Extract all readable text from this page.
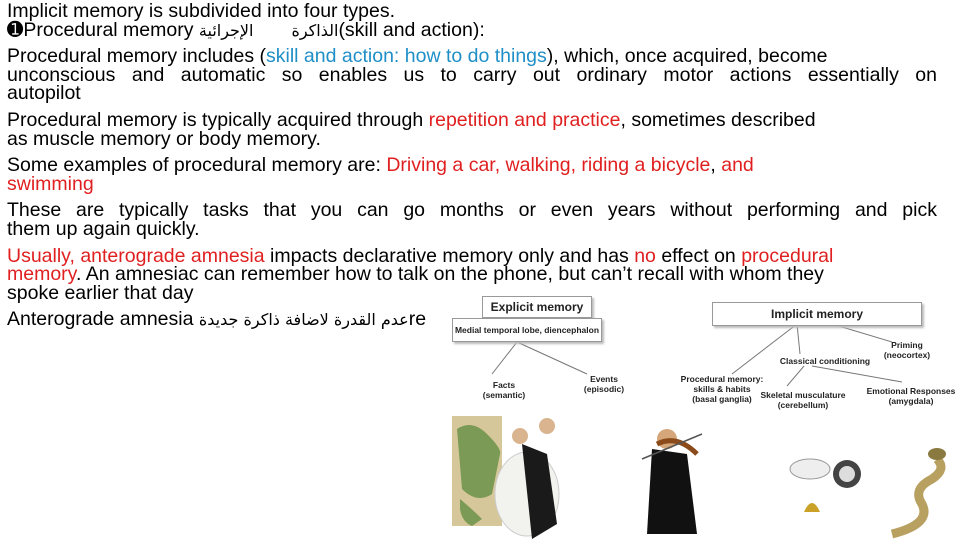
Implicit memory is subdivided into four types.
➊Procedural memory الإجرائية الذاكرة(skill and action):
Procedural memory includes (skill and action: how to do things), which, once acquired, become
unconscious and automatic so enables us to carry out ordinary motor actions essentially on
autopilot
Procedural memory is typically acquired through repetition and practice, sometimes described
as muscle memory or body memory.
Some examples of procedural memory are: Driving a car, walking, riding a bicycle, and
swimming
These are typically tasks that you can go months or even years without performing and pick
them up again quickly.
Usually, anterograde amnesia impacts declarative memory only and has no effect on procedural
memory. An amnesiac can remember how to talk on the phone, but can’t recall with whom they
spoke earlier that day
Anterograde amnesia عدم القدرة لاضافة ذاكرة جديدةre
Explicit memory
Medial temporal lobe, diencephalon
Implicit memory
Facts
(semantic)
Events
(episodic)
Procedural memory:
skills & habits
(basal ganglia)
Priming
(neocortex)
Classical conditioning
Skeletal musculature
(cerebellum)
Emotional Responses
(amygdala)
